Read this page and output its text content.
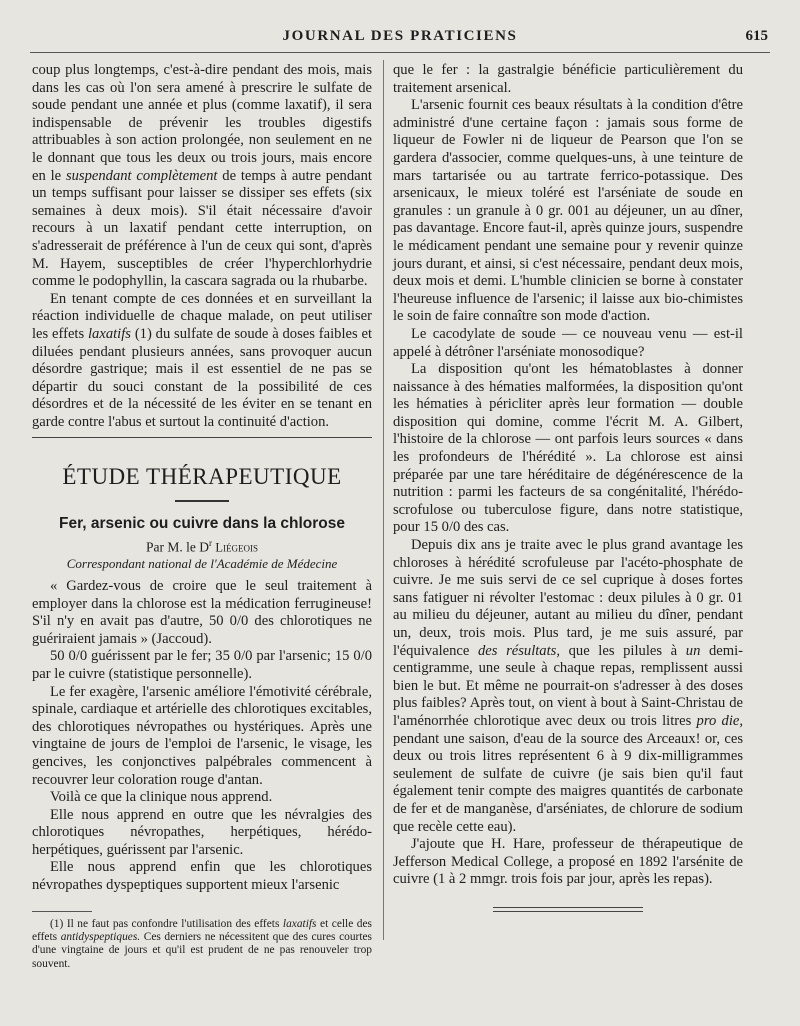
JOURNAL DES PRATICIENS	615

coup plus longtemps, c'est-à-dire pendant des mois, mais dans les cas où l'on sera amené à prescrire le sulfate de soude pendant une année et plus (comme laxatif), il sera indispensable de prévenir les troubles digestifs attribuables à son action prolongée, non seulement en ne le donnant que tous les deux ou trois jours, mais encore en le suspendant complètement de temps à autre pendant un temps suffisant pour laisser se dissiper ses effets (six semaines à deux mois). S'il était nécessaire d'avoir recours à un laxatif pendant cette interruption, on s'adresserait de préférence à l'un de ceux qui sont, d'après M. Hayem, susceptibles de créer l'hyperchlorhydrie comme le podophyllin, la cascara sagrada ou la rhubarbe.

En tenant compte de ces données et en surveillant la réaction individuelle de chaque malade, on peut utiliser les effets laxatifs (1) du sulfate de soude à doses faibles et diluées pendant plusieurs années, sans provoquer aucun désordre gastrique; mais il est essentiel de ne pas se départir du souci constant de la possibilité de ces désordres et de la nécessité de les éviter en se tenant en garde contre l'abus et surtout la continuité d'action.

ÉTUDE THÉRAPEUTIQUE
Fer, arsenic ou cuivre dans la chlorose
Par M. le $D^r$ Liégeois
Correspondant national de l'Académie de Médecine

« Gardez-vous de croire que le seul traitement à employer dans la chlorose est la médication ferrugineuse! S'il n'y en avait pas d'autre, 50 0/0 des chlorotiques ne guériraient jamais » (Jaccoud).

50 0/0 guérissent par le fer; 35 0/0 par l'arsenic; 15 0/0 par le cuivre (statistique personnelle).

Le fer exagère, l'arsenic améliore l'émotivité cérébrale, spinale, cardiaque et artérielle des chlorotiques excitables, des chlorotiques névropathes ou hystériques. Après une vingtaine de jours de l'emploi de l'arsenic, le visage, les gencives, les conjonctives palpébrales commencent à recouvrer leur coloration rouge d'antan.

Voilà ce que la clinique nous apprend.

Elle nous apprend en outre que les névralgies des chlorotiques névropathes, herpétiques, hérédo-herpétiques, guérissent par l'arsenic.

Elle nous apprend enfin que les chlorotiques névropathes dyspeptiques supportent mieux l'arsenic

(1) Il ne faut pas confondre l'utilisation des effets laxatifs et celle des effets antidyspeptiques. Ces derniers ne nécessitent que des cures courtes d'une vingtaine de jours et qu'il est prudent de ne pas renouveler trop souvent.

que le fer : la gastralgie bénéficie particulièrement du traitement arsenical.

L'arsenic fournit ces beaux résultats à la condition d'être administré d'une certaine façon : jamais sous forme de liqueur de Fowler ni de liqueur de Pearson que l'on se gardera d'associer, comme quelques-uns, à une teinture de mars tartarisée ou au tartrate ferrico-potassique. Des arsenicaux, le mieux toléré est l'arséniate de soude en granules : un granule à 0 gr. 001 au déjeuner, un au dîner, pas davantage. Encore faut-il, après quinze jours, suspendre le médicament pendant une semaine pour y revenir quinze jours durant, et ainsi, si c'est nécessaire, pendant deux mois, deux mois et demi. L'humble clinicien se borne à constater l'heureuse influence de l'arsenic; il laisse aux bio-chimistes le soin de faire connaître son mode d'action.

Le cacodylate de soude — ce nouveau venu — est-il appelé à détrôner l'arséniate monosodique?

La disposition qu'ont les hématoblastes à donner naissance à des hématies malformées, la disposition qu'ont les hématies à péricliter après leur formation — double disposition qui domine, comme l'écrit M. A. Gilbert, l'histoire de la chlorose — ont parfois leurs sources « dans les profondeurs de l'hérédité ». La chlorose est ainsi préparée par une tare héréditaire de dégénérescence de la nutrition : parmi les facteurs de sa congénitalité, l'hérédo-scrofulose ou tuberculose figure, dans notre statistique, pour 15 0/0 des cas.

Depuis dix ans je traite avec le plus grand avantage les chloroses à hérédité scrofuleuse par l'acéto-phosphate de cuivre. Je me suis servi de ce sel cuprique à doses fortes sans fatiguer ni révolter l'estomac : deux pilules à 0 gr. 01 au milieu du déjeuner, autant au milieu du dîner, pendant un, deux, trois mois. Plus tard, je me suis assuré, par l'équivalence des résultats, que les pilules à un demi-centigramme, une seule à chaque repas, remplissent aussi bien le but. Et même ne pourrait-on s'adresser à des doses plus faibles? Après tout, on vient à bout à Saint-Christau de l'aménorrhée chlorotique avec deux ou trois litres pro die, pendant une saison, d'eau de la source des Arceaux! or, ces deux ou trois litres représentent 6 à 9 dix-milligrammes seulement de sulfate de cuivre (je sais bien qu'il faut également tenir compte des maigres quantités de carbonate de fer et de manganèse, d'arséniates, de chlorure de sodium que recèle cette eau).

J'ajoute que H. Hare, professeur de thérapeutique de Jefferson Medical College, a proposé en 1892 l'arsénite de cuivre (1 à 2 mmgr. trois fois par jour, après les repas).
